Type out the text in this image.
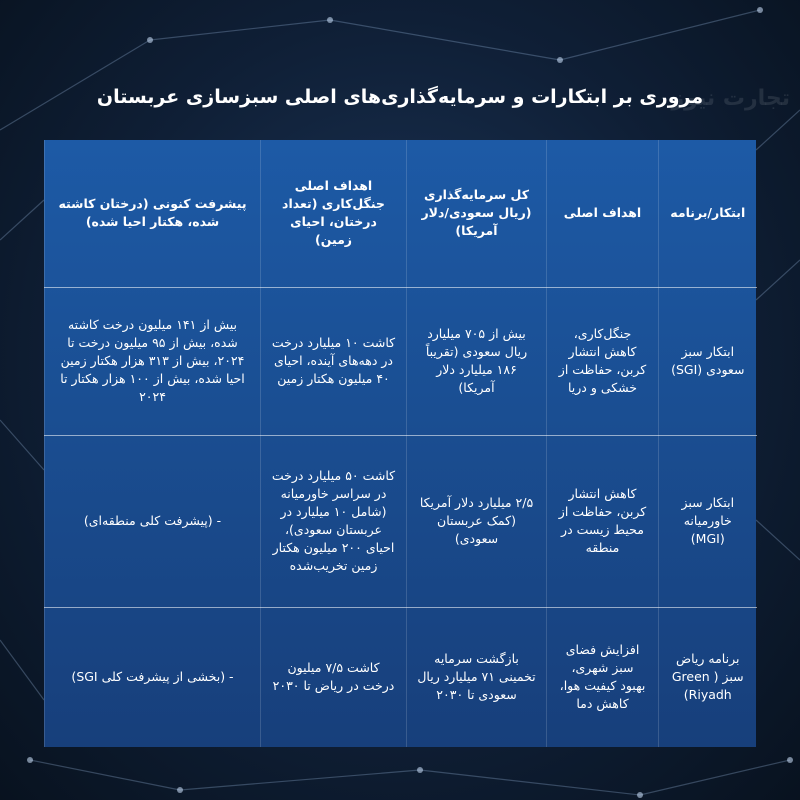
تجارت نیوز
مروری بر ابتکارات و سرمایه‌گذاری‌های اصلی سبزسازی عربستان
ابتکار/برنامه	اهداف اصلی	کل سرمایه‌گذاری (ریال سعودی/دلار آمریکا)	اهداف اصلی جنگل‌کاری (تعداد درختان، احیای زمین)	پیشرفت کنونی (درختان کاشته شده، هکتار احیا شده)
ابتکار سبز سعودی (SGI)	جنگل‌کاری، کاهش انتشار کربن، حفاظت از خشکی و دریا	بیش از ۷۰۵ میلیارد ریال سعودی (تقریباً ۱۸۶ میلیارد دلار آمریکا)	کاشت ۱۰ میلیارد درخت در دهه‌های آینده، احیای ۴۰ میلیون هکتار زمین	بیش از ۱۴۱ میلیون درخت کاشته شده، بیش از ۹۵ میلیون درخت تا ۲۰۲۴، بیش از ۳۱۳ هزار هکتار زمین احیا شده، بیش از ۱۰۰ هزار هکتار تا ۲۰۲۴
ابتکار سبز خاورمیانه (MGI)	کاهش انتشار کربن، حفاظت از محیط زیست در منطقه	۲/۵ میلیارد دلار آمریکا (کمک عربستان سعودی)	کاشت ۵۰ میلیارد درخت در سراسر خاورمیانه (شامل ۱۰ میلیارد در عربستان سعودی)، احیای ۲۰۰ میلیون هکتار زمین تخریب‌شده	- (پیشرفت کلی منطقه‌ای)
برنامه ریاض سبز ( Green Riyadh)	افزایش فضای سبز شهری، بهبود کیفیت هوا، کاهش دما	بازگشت سرمایه تخمینی ۷۱ میلیارد ریال سعودی تا ۲۰۳۰	کاشت ۷/۵ میلیون درخت در ریاض تا ۲۰۳۰	- (بخشی از پیشرفت کلی SGI)
